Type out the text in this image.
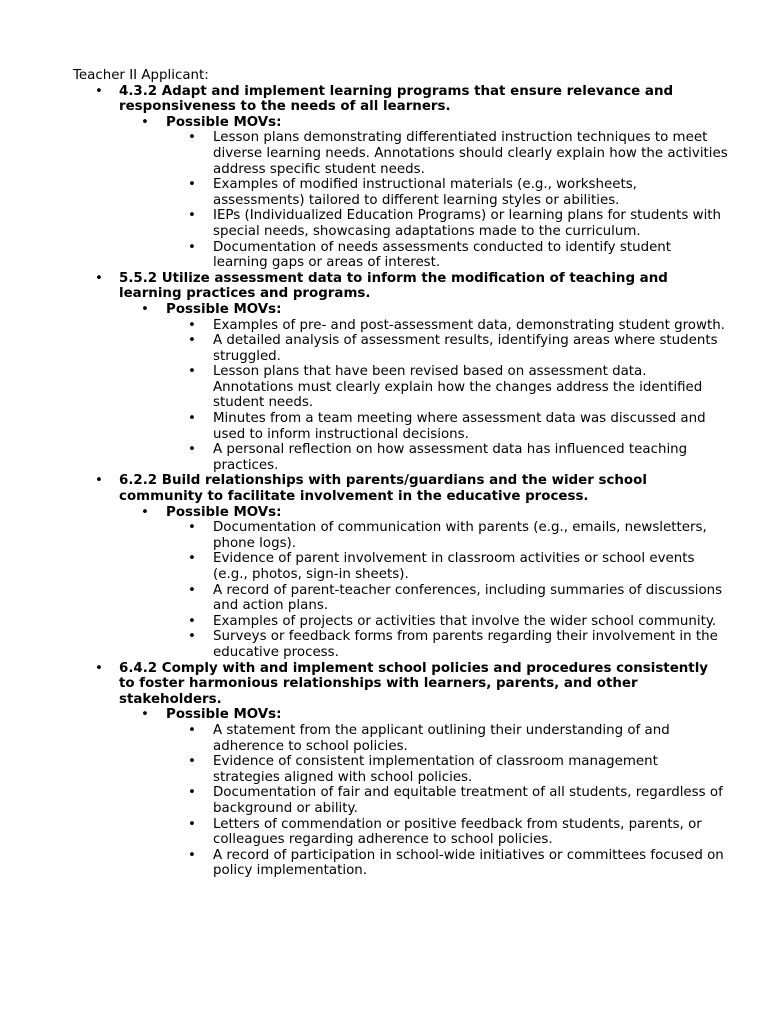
Teacher II Applicant:

• 4.3.2 Adapt and implement learning programs that ensure relevance and responsiveness to the needs of all learners.
• Possible MOVs:
• Lesson plans demonstrating differentiated instruction techniques to meet diverse learning needs. Annotations should clearly explain how the activities address specific student needs.
• Examples of modified instructional materials (e.g., worksheets, assessments) tailored to different learning styles or abilities.
• IEPs (Individualized Education Programs) or learning plans for students with special needs, showcasing adaptations made to the curriculum.
• Documentation of needs assessments conducted to identify student learning gaps or areas of interest.
• 5.5.2 Utilize assessment data to inform the modification of teaching and learning practices and programs.
• Possible MOVs:
• Examples of pre- and post-assessment data, demonstrating student growth.
• A detailed analysis of assessment results, identifying areas where students struggled.
• Lesson plans that have been revised based on assessment data. Annotations must clearly explain how the changes address the identified student needs.
• Minutes from a team meeting where assessment data was discussed and used to inform instructional decisions.
• A personal reflection on how assessment data has influenced teaching practices.
• 6.2.2 Build relationships with parents/guardians and the wider school community to facilitate involvement in the educative process.
• Possible MOVs:
• Documentation of communication with parents (e.g., emails, newsletters, phone logs).
• Evidence of parent involvement in classroom activities or school events (e.g., photos, sign-in sheets).
• A record of parent-teacher conferences, including summaries of discussions and action plans.
• Examples of projects or activities that involve the wider school community.
• Surveys or feedback forms from parents regarding their involvement in the educative process.
• 6.4.2 Comply with and implement school policies and procedures consistently to foster harmonious relationships with learners, parents, and other stakeholders.
• Possible MOVs:
• A statement from the applicant outlining their understanding of and adherence to school policies.
• Evidence of consistent implementation of classroom management strategies aligned with school policies.
• Documentation of fair and equitable treatment of all students, regardless of background or ability.
• Letters of commendation or positive feedback from students, parents, or colleagues regarding adherence to school policies.
• A record of participation in school-wide initiatives or committees focused on policy implementation.
